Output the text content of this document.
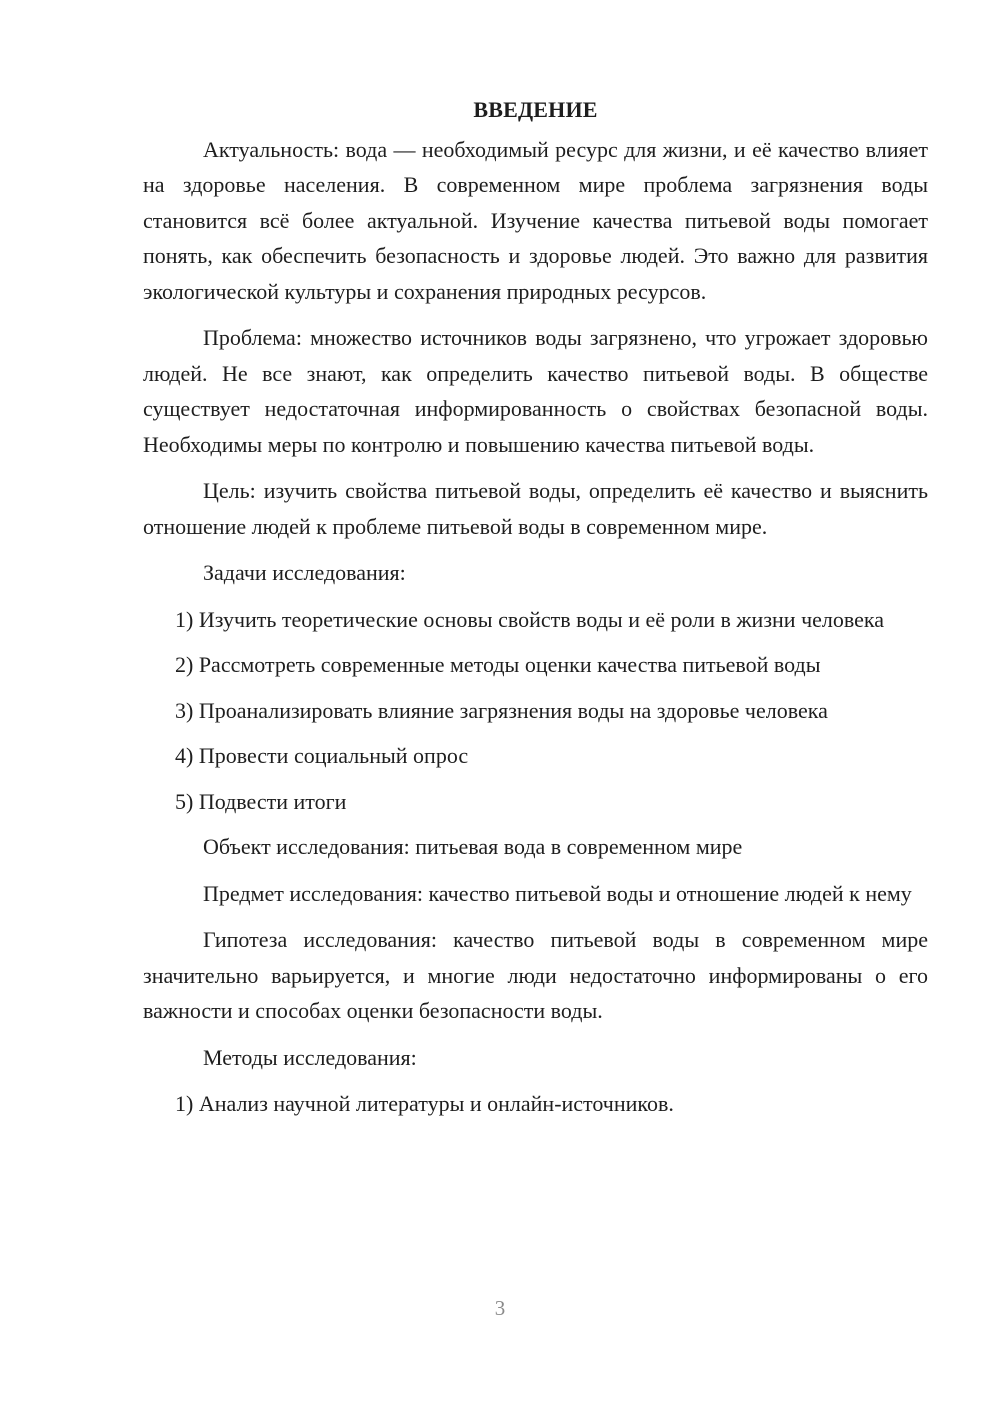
ВВЕДЕНИЕ

Актуальность: вода — необходимый ресурс для жизни, и её качество влияет на здоровье населения. В современном мире проблема загрязнения воды становится всё более актуальной. Изучение качества питьевой воды помогает понять, как обеспечить безопасность и здоровье людей. Это важно для развития экологической культуры и сохранения природных ресурсов.

Проблема: множество источников воды загрязнено, что угрожает здоровью людей. Не все знают, как определить качество питьевой воды. В обществе существует недостаточная информированность о свойствах безопасной воды. Необходимы меры по контролю и повышению качества питьевой воды.

Цель: изучить свойства питьевой воды, определить её качество и выяснить отношение людей к проблеме питьевой воды в современном мире.

Задачи исследования:

1) Изучить теоретические основы свойств воды и её роли в жизни человека

2) Рассмотреть современные методы оценки качества питьевой воды

3) Проанализировать влияние загрязнения воды на здоровье человека

4) Провести социальный опрос

5) Подвести итоги

Объект исследования: питьевая вода в современном мире

Предмет исследования: качество питьевой воды и отношение людей к нему

Гипотеза исследования: качество питьевой воды в современном мире значительно варьируется, и многие люди недостаточно информированы о его важности и способах оценки безопасности воды.

Методы исследования:

1) Анализ научной литературы и онлайн-источников.

3
